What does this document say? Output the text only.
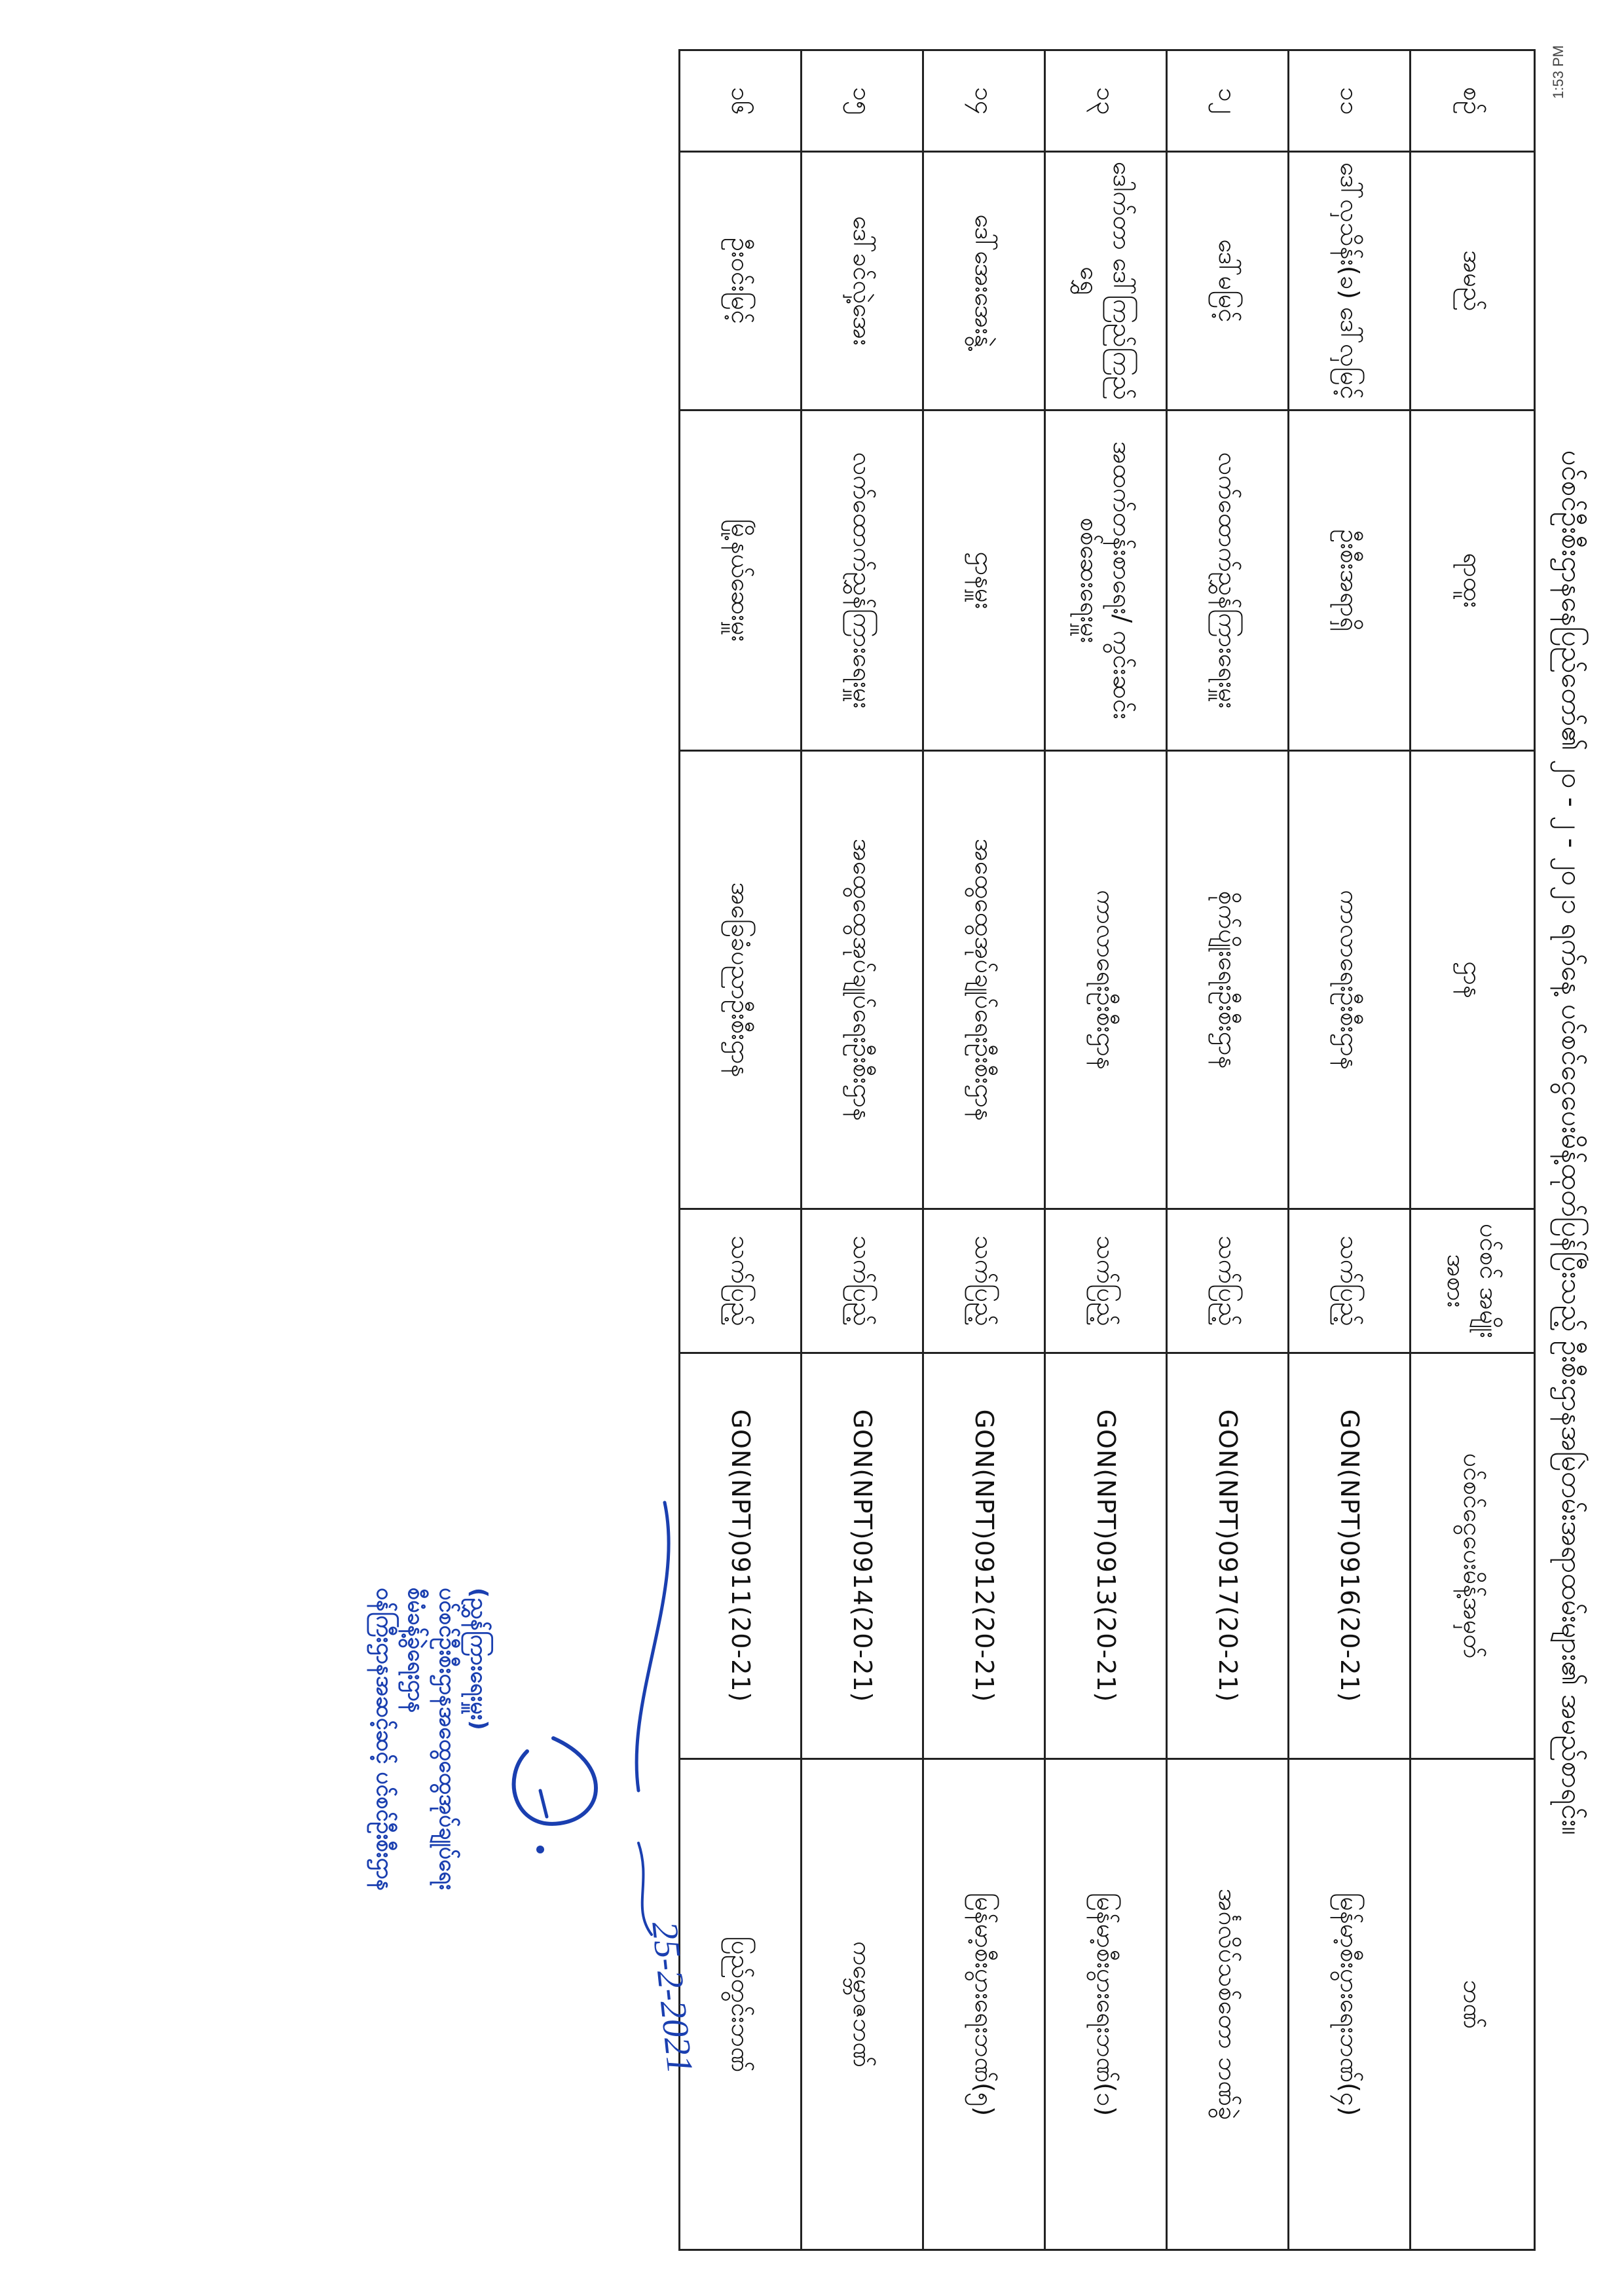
1:53 PM
ပင်စင်ဦးစီးဌာနနေပြည်တော်၏ ၂၀ - ၂ - ၂၀၂၁ ရက်နေ့ ပင်စင်ငွေပေးမိန့်ထုတ်ပြန်ပြီးသည့် ဦးစီးဌာနအမြဲတမ်းအရာထမ်းများ၏ အမည်စာရင်း။
စဉ်	အမည်	ရာထူး	ဌာန	ပင်စင် အမျိုးအစား	ပင်စင်ငွေပေးမိန့်အမှတ်	ဘဏ်
၁၁	ဒေါ်လှသိန်း(ခ) ဒေါ်လှမြင့်	ဦးစီးအရာရှိ	ကာလာရေးဦးစီးဌာန	သက်ပြည့်	GON(NPT)0916(20-21)	မြန်မာ့စီးပွားရေးဘဏ်(၄)
၁၂	ဒေါ်မမြင့်	လက်ထောက်ညွှန်ကြားရေးမှူး	စိုက်ပျိုးရေးဦးစီးဌာန	သက်ပြည့်	GON(NPT)0917(20-21)	အင်္ဂလိပ်သစ်တော ဘဏ်ခွဲ
၁၃	ဒေါက်တာ ဒေါ်ကြည်ကြည်ရွှေ	အထက်တန်းစာရေး/ ကွင်းဆင်းစစ်ဆေးရေးမှူး	ကာလာရေးဦးစီးဌာန	သက်ပြည့်	GON(NPT)0913(20-21)	မြန်မာ့စီးပွားရေးဘဏ်(၁)
၁၄	ဒေါ်အေးအေးနွဲ့	ဌာနမှူး	အထွေထွေအုပ်ချုပ်ရေးဦးစီးဌာန	သက်ပြည့်	GON(NPT)0912(20-21)	မြန်မာ့စီးပွားရေးဘဏ်(၅)
၁၅	ဒေါ်ခင်လှဲ့အေး	လက်ထောက်ညွှန်ကြားရေးမှူး	အထွေထွေအုပ်ချုပ်ရေးဦးစီးဌာန	သက်ပြည့်	GON(NPT)0914(20-21)	ကမ္ဘောဇဘဏ်
၁၆	ဦးဝင်းမြင့်	မြို့နယ်ဆေးမှူး	အခြေခံပညာဦးစီးဌာန	သက်ပြည့်	GON(NPT)0911(20-21)	ပြည်တွင်းဘဏ်
25-2-2021
(ညွှန်ကြားရေးမှူး)
ပင်စင်ဦးစီးဌာနအထွေထွေအုပ်ချုပ်ရေး
စီမံခန့်ခွဲရေးဌာန
ဝန်ကြီးဌာနအဆင့်ဆင့် ပင်စင်ဦးစီးဌာန
